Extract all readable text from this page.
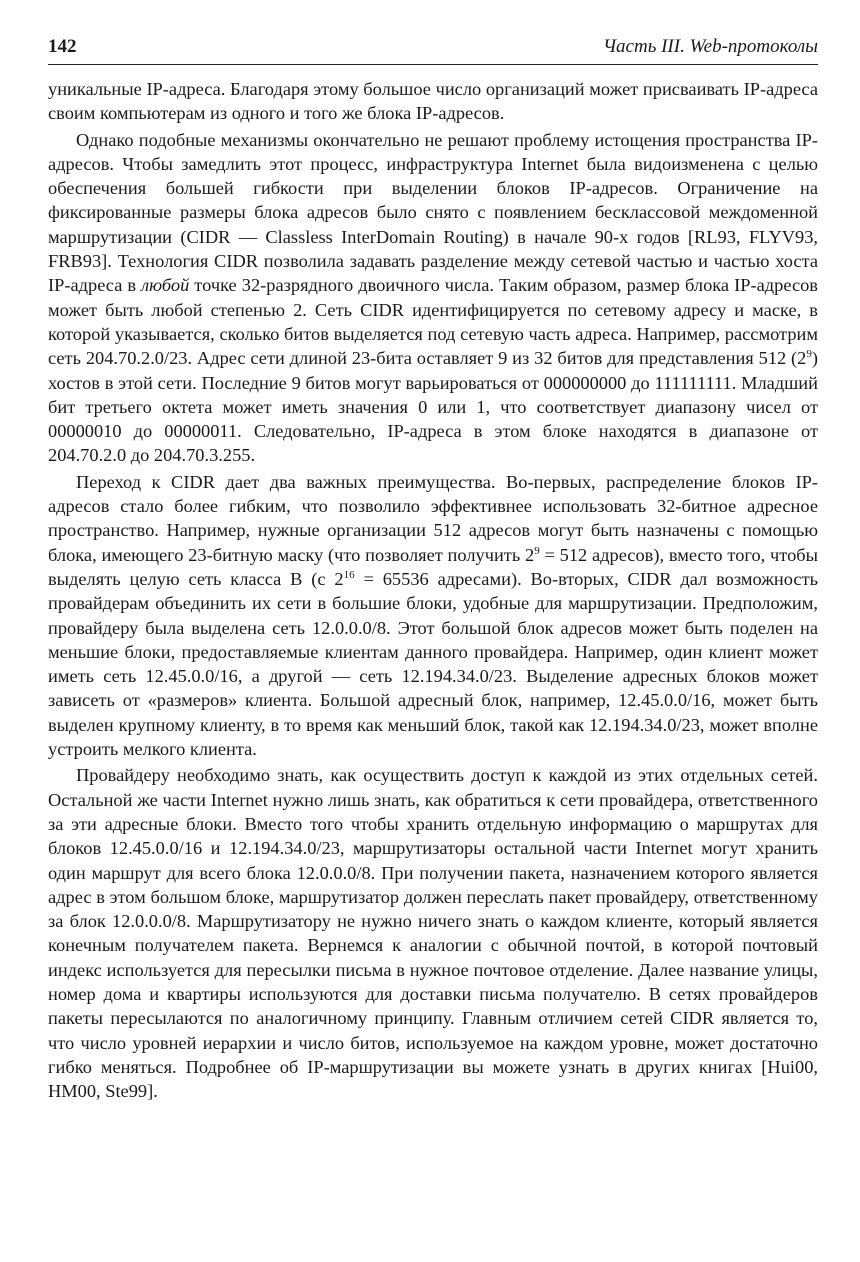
142	Часть III. Web-протоколы

уникальные IP-адреса. Благодаря этому большое число организаций может присваивать IP-адреса своим компьютерам из одного и того же блока IP-адресов.

Однако подобные механизмы окончательно не решают проблему истощения пространства IP-адресов. Чтобы замедлить этот процесс, инфраструктура Internet была видоизменена с целью обеспечения большей гибкости при выделении блоков IP-адресов. Ограничение на фиксированные размеры блока адресов было снято с появлением бесклассовой междоменной маршрутизации (CIDR — Classless InterDomain Routing) в начале 90-х годов [RL93, FLYV93, FRB93]. Технология CIDR позволила задавать разделение между сетевой частью и частью хоста IP-адреса в любой точке 32-разрядного двоичного числа. Таким образом, размер блока IP-адресов может быть любой степенью 2. Сеть CIDR идентифицируется по сетевому адресу и маске, в которой указывается, сколько битов выделяется под сетевую часть адреса. Например, рассмотрим сеть 204.70.2.0/23. Адрес сети длиной 23-бита оставляет 9 из 32 битов для представления 512 $(2^9)$ хостов в этой сети. Последние 9 битов могут варьироваться от 000000000 до 111111111. Младший бит третьего октета может иметь значения 0 или 1, что соответствует диапазону чисел от 00000010 до 00000011. Следовательно, IP-адреса в этом блоке находятся в диапазоне от 204.70.2.0 до 204.70.3.255.

Переход к CIDR дает два важных преимущества. Во-первых, распределение блоков IP-адресов стало более гибким, что позволило эффективнее использовать 32-битное адресное пространство. Например, нужные организации 512 адресов могут быть назначены с помощью блока, имеющего 23-битную маску (что позволяет получить $2^9 = 512$ адресов), вместо того, чтобы выделять целую сеть класса B (с $2^{16} = 65536$ адресами). Во-вторых, CIDR дал возможность провайдерам объединить их сети в большие блоки, удобные для маршрутизации. Предположим, провайдеру была выделена сеть 12.0.0.0/8. Этот большой блок адресов может быть поделен на меньшие блоки, предоставляемые клиентам данного провайдера. Например, один клиент может иметь сеть 12.45.0.0/16, а другой — сеть 12.194.34.0/23. Выделение адресных блоков может зависеть от «размеров» клиента. Большой адресный блок, например, 12.45.0.0/16, может быть выделен крупному клиенту, в то время как меньший блок, такой как 12.194.34.0/23, может вполне устроить мелкого клиента.

Провайдеру необходимо знать, как осуществить доступ к каждой из этих отдельных сетей. Остальной же части Internet нужно лишь знать, как обратиться к сети провайдера, ответственного за эти адресные блоки. Вместо того чтобы хранить отдельную информацию о маршрутах для блоков 12.45.0.0/16 и 12.194.34.0/23, маршрутизаторы остальной части Internet могут хранить один маршрут для всего блока 12.0.0.0/8. При получении пакета, назначением которого является адрес в этом большом блоке, маршрутизатор должен переслать пакет провайдеру, ответственному за блок 12.0.0.0/8. Маршрутизатору не нужно ничего знать о каждом клиенте, который является конечным получателем пакета. Вернемся к аналогии с обычной почтой, в которой почтовый индекс используется для пересылки письма в нужное почтовое отделение. Далее название улицы, номер дома и квартиры используются для доставки письма получателю. В сетях провайдеров пакеты пересылаются по аналогичному принципу. Главным отличием сетей CIDR является то, что число уровней иерархии и число битов, используемое на каждом уровне, может достаточно гибко меняться. Подробнее об IP-маршрутизации вы можете узнать в других книгах [Hui00, HM00, Ste99].
